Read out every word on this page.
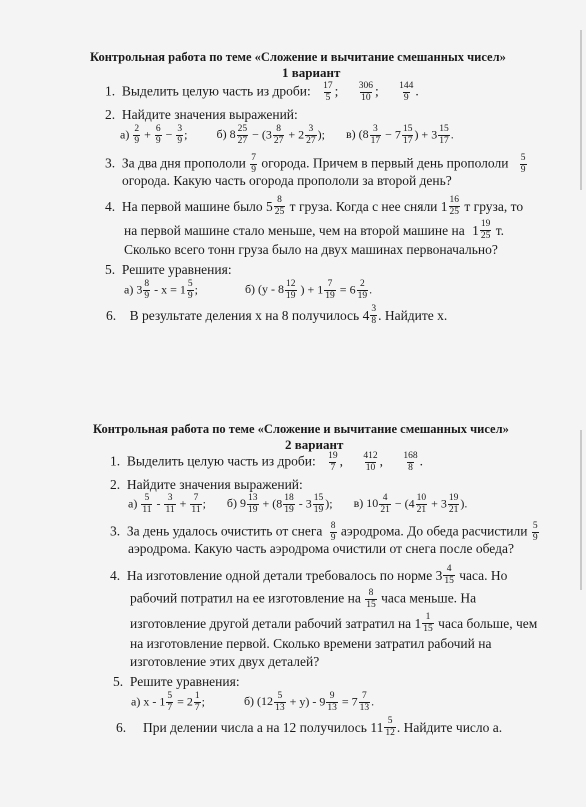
Контрольная работа по теме «Сложение и вычитание смешанных чисел»
1 вариант
1. Выделить целую часть из дроби: $\frac{17}{5}$ ; $\frac{306}{10}$ ; $\frac{144}{9}$ .
2. Найдите значения выражений:
$а) \frac{2}{9} + \frac{6}{9} - \frac{3}{9}$ ; б) $8 \frac{25}{27} - (3 \frac{8}{27} + 2 \frac{3}{27}$ ); в) ($8 \frac{3}{17} - 7 \frac{15}{17}$ ) + $3 \frac{15}{17}$ .
3. За два дня пропололи $\frac{7}{9}$ огорода. Причем в первый день пропололи $\frac{5}{9}$
огорода. Какую часть огорода пропололи за второй день?
4. На первой машине было 5 8
25 т груза. Когда с нее сняли 1 16
25 т груза, то
на первой машине стало меньше, чем на второй машине на 1 19
25 т.
Сколько всего тонн груза было на двух машинах первоначально?
5. Решите уравнения:
а) $3 \frac{8}{9} - х = 1 \frac{5}{9}$ ;	б) ($у - 8 \frac{12}{19}$ ) + $1 \frac{7}{19} = 6 \frac{2}{19}$ .
6. В результате деления х на 8 получилось 4 3
8 . Найдите х.
Контрольная работа по теме «Сложение и вычитание смешанных чисел»
2 вариант
1. Выделить целую часть из дроби: $\frac{19}{7}$ , $\frac{412}{10}$ , $\frac{168}{8}$ .
2. Найдите значения выражений:
$а) \frac{5}{11} - \frac{3}{11} + \frac{7}{11}$ ; б) $9 \frac{13}{19} + (8 \frac{18}{19} - 3 \frac{15}{19}$ ); в) $10 \frac{4}{21} - (4 \frac{10}{21} + 3 \frac{19}{21}$ ).
3. За день удалось очистить от снега $\frac{8}{9}$ аэродрома. До обеда расчистили $\frac{5}{9}$
аэродрома. Какую часть аэродрома очистили от снега после обеда?
4. На изготовление одной детали требовалось по норме 3 4
15 часа. Но
рабочий потратил на ее изготовление на $\frac{8}{15}$ часа меньше. На
изготовление другой детали рабочий затратил на 1 1
15 часа больше, чем
на изготовление первой. Сколько времени затратил рабочий на
изготовление этих двух деталей?
5. Решите уравнения:
а) $х - 1 \frac{5}{7} = 2 \frac{1}{7}$ ;	б) $(12 \frac{5}{13} + у) - 9 \frac{9}{13} = 7 \frac{7}{13}$ .
6. При делении числа а на 12 получилось 11 5
12 . Найдите число а.
